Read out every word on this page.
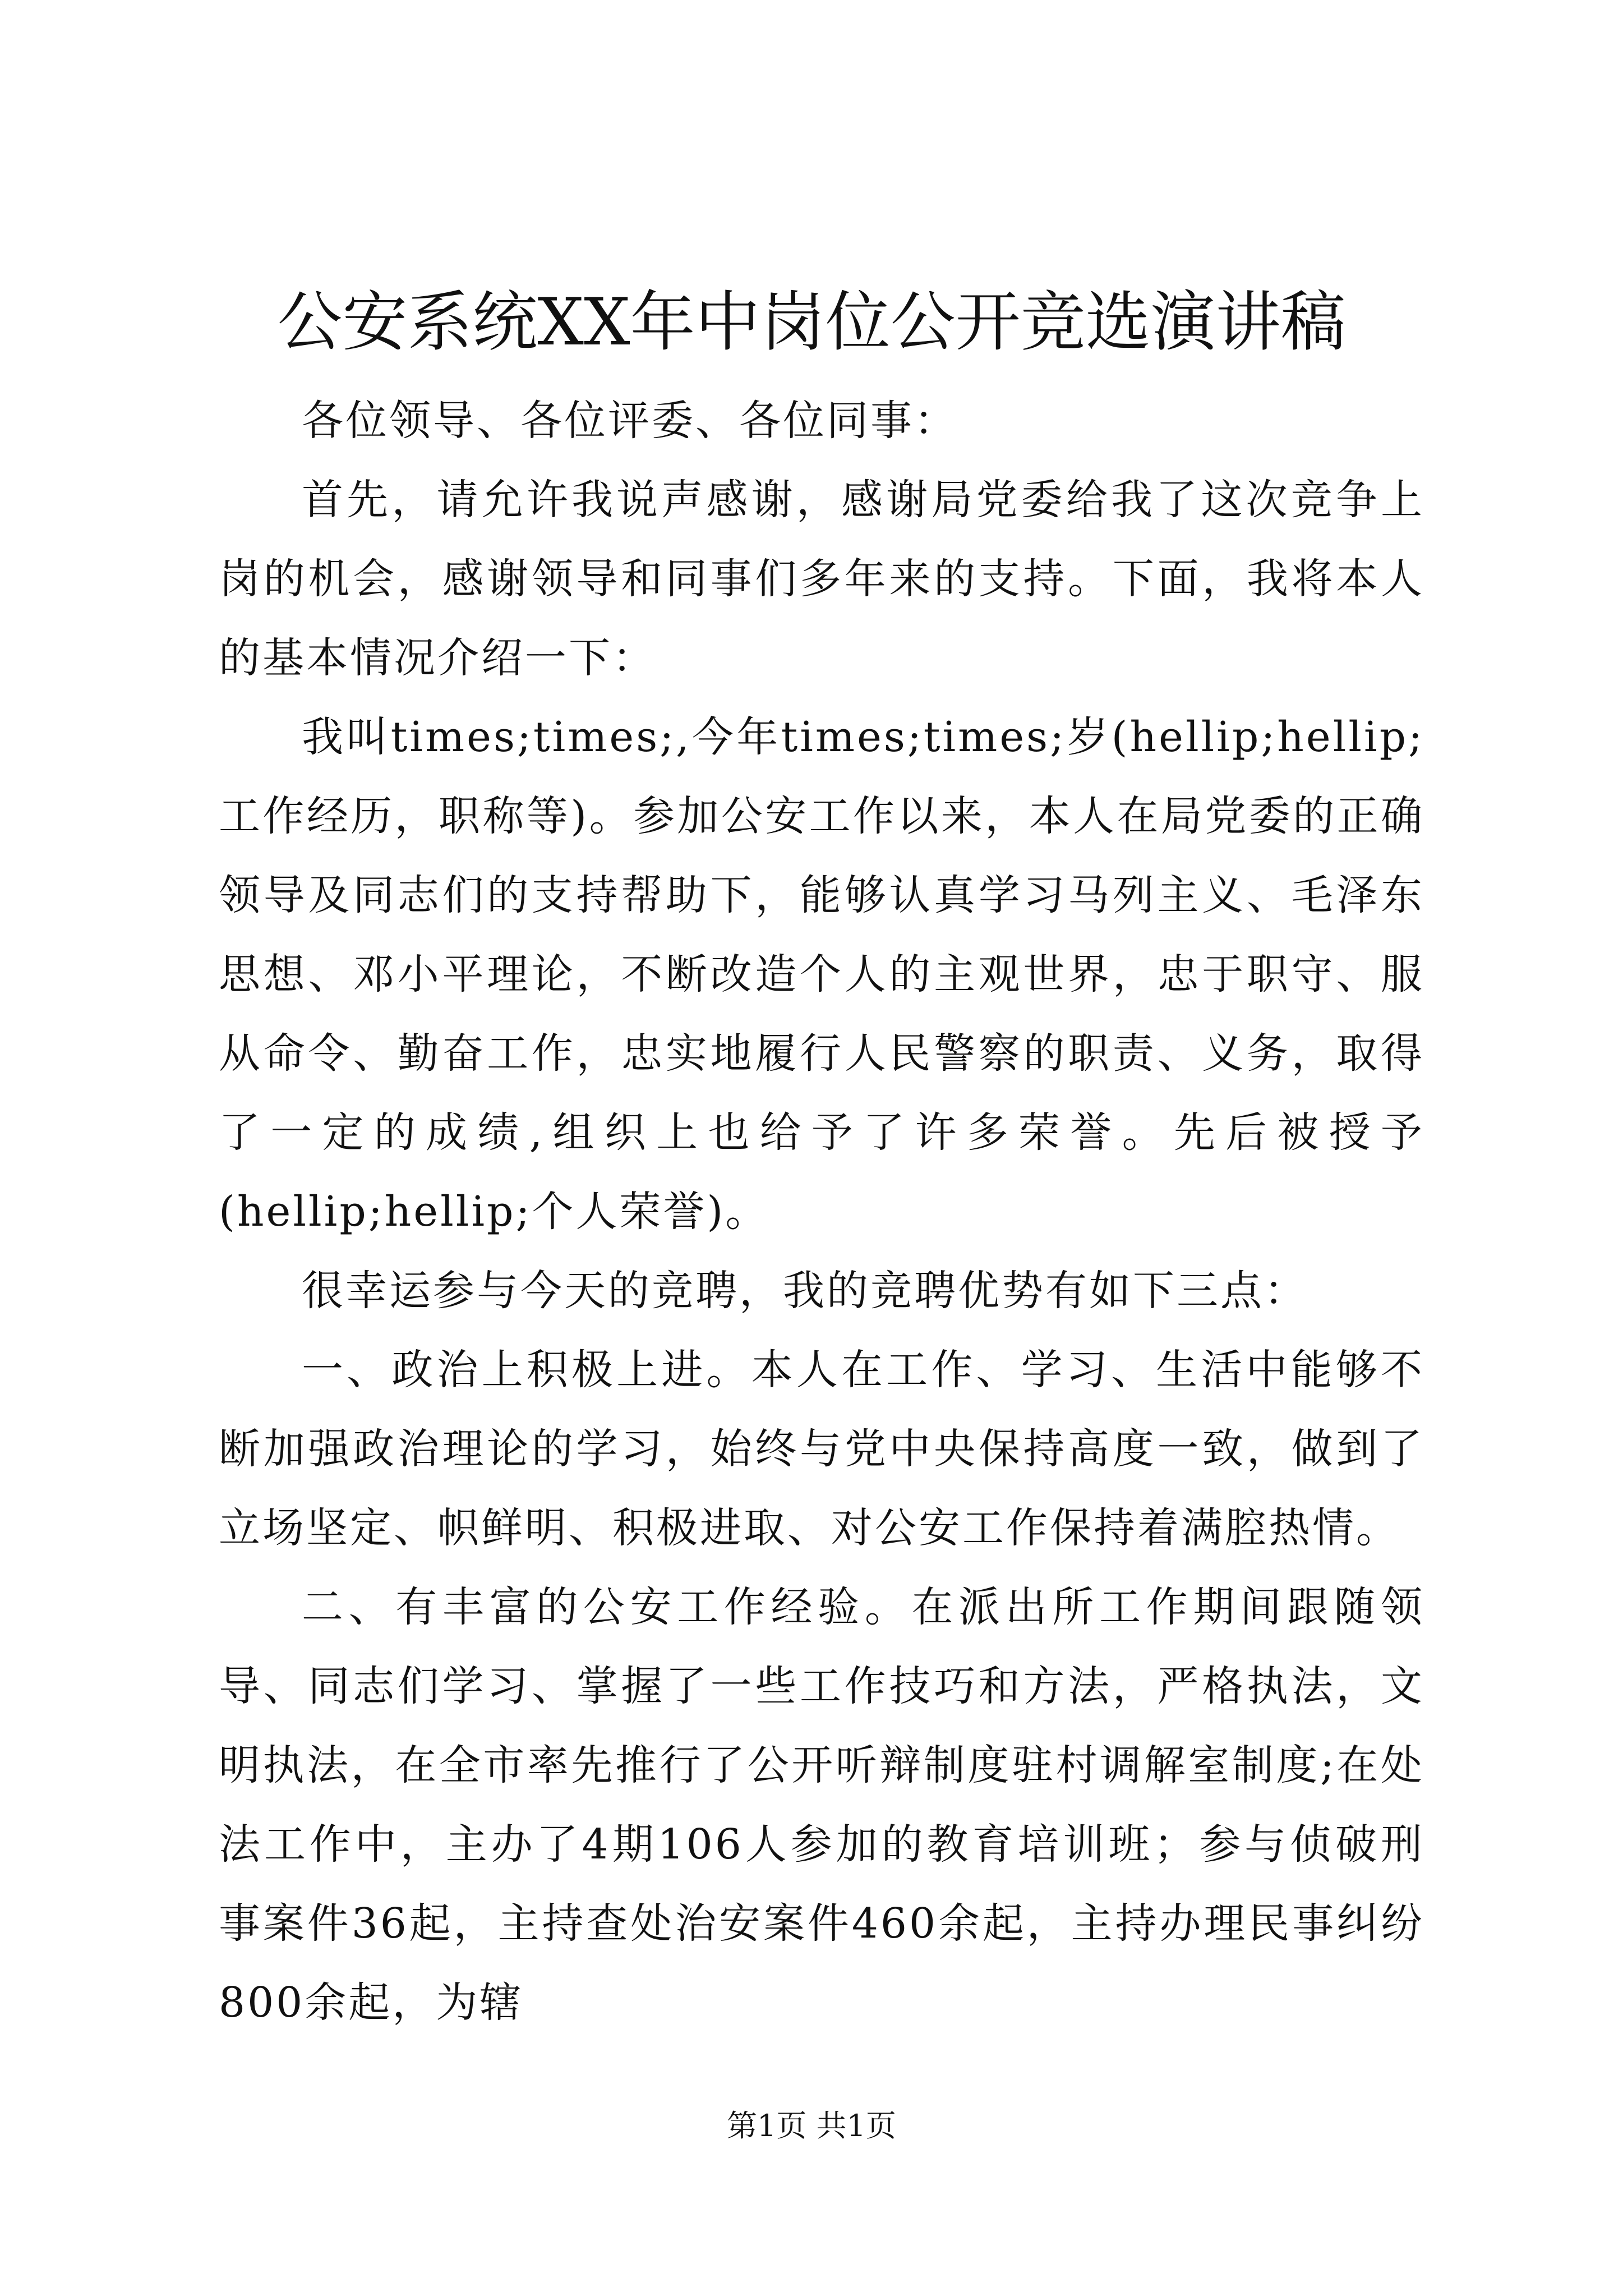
公安系统XX年中岗位公开竞选演讲稿

各位领导、各位评委、各位同事：

首先，请允许我说声感谢，感谢局党委给我了这次竞争上岗的机会，感谢领导和同事们多年来的支持。下面，我将本人的基本情况介绍一下：

我叫times;times;,今年times;times;岁(hellip;hellip;工作经历，职称等)。参加公安工作以来，本人在局党委的正确领导及同志们的支持帮助下，能够认真学习马列主义、毛泽东思想、邓小平理论，不断改造个人的主观世界，忠于职守、服从命令、勤奋工作，忠实地履行人民警察的职责、义务，取得了一定的成绩,组织上也给予了许多荣誉。先后被授予(hellip;hellip;个人荣誉)。

很幸运参与今天的竞聘，我的竞聘优势有如下三点：

一、政治上积极上进。本人在工作、学习、生活中能够不断加强政治理论的学习，始终与党中央保持高度一致，做到了立场坚定、帜鲜明、积极进取、对公安工作保持着满腔热情。

二、有丰富的公安工作经验。在派出所工作期间跟随领导、同志们学习、掌握了一些工作技巧和方法，严格执法，文明执法，在全市率先推行了公开听辩制度驻村调解室制度;在处法工作中，主办了4期106人参加的教育培训班；参与侦破刑事案件36起，主持查处治安案件460余起，主持办理民事纠纷800余起，为辖

第1页 共1页
